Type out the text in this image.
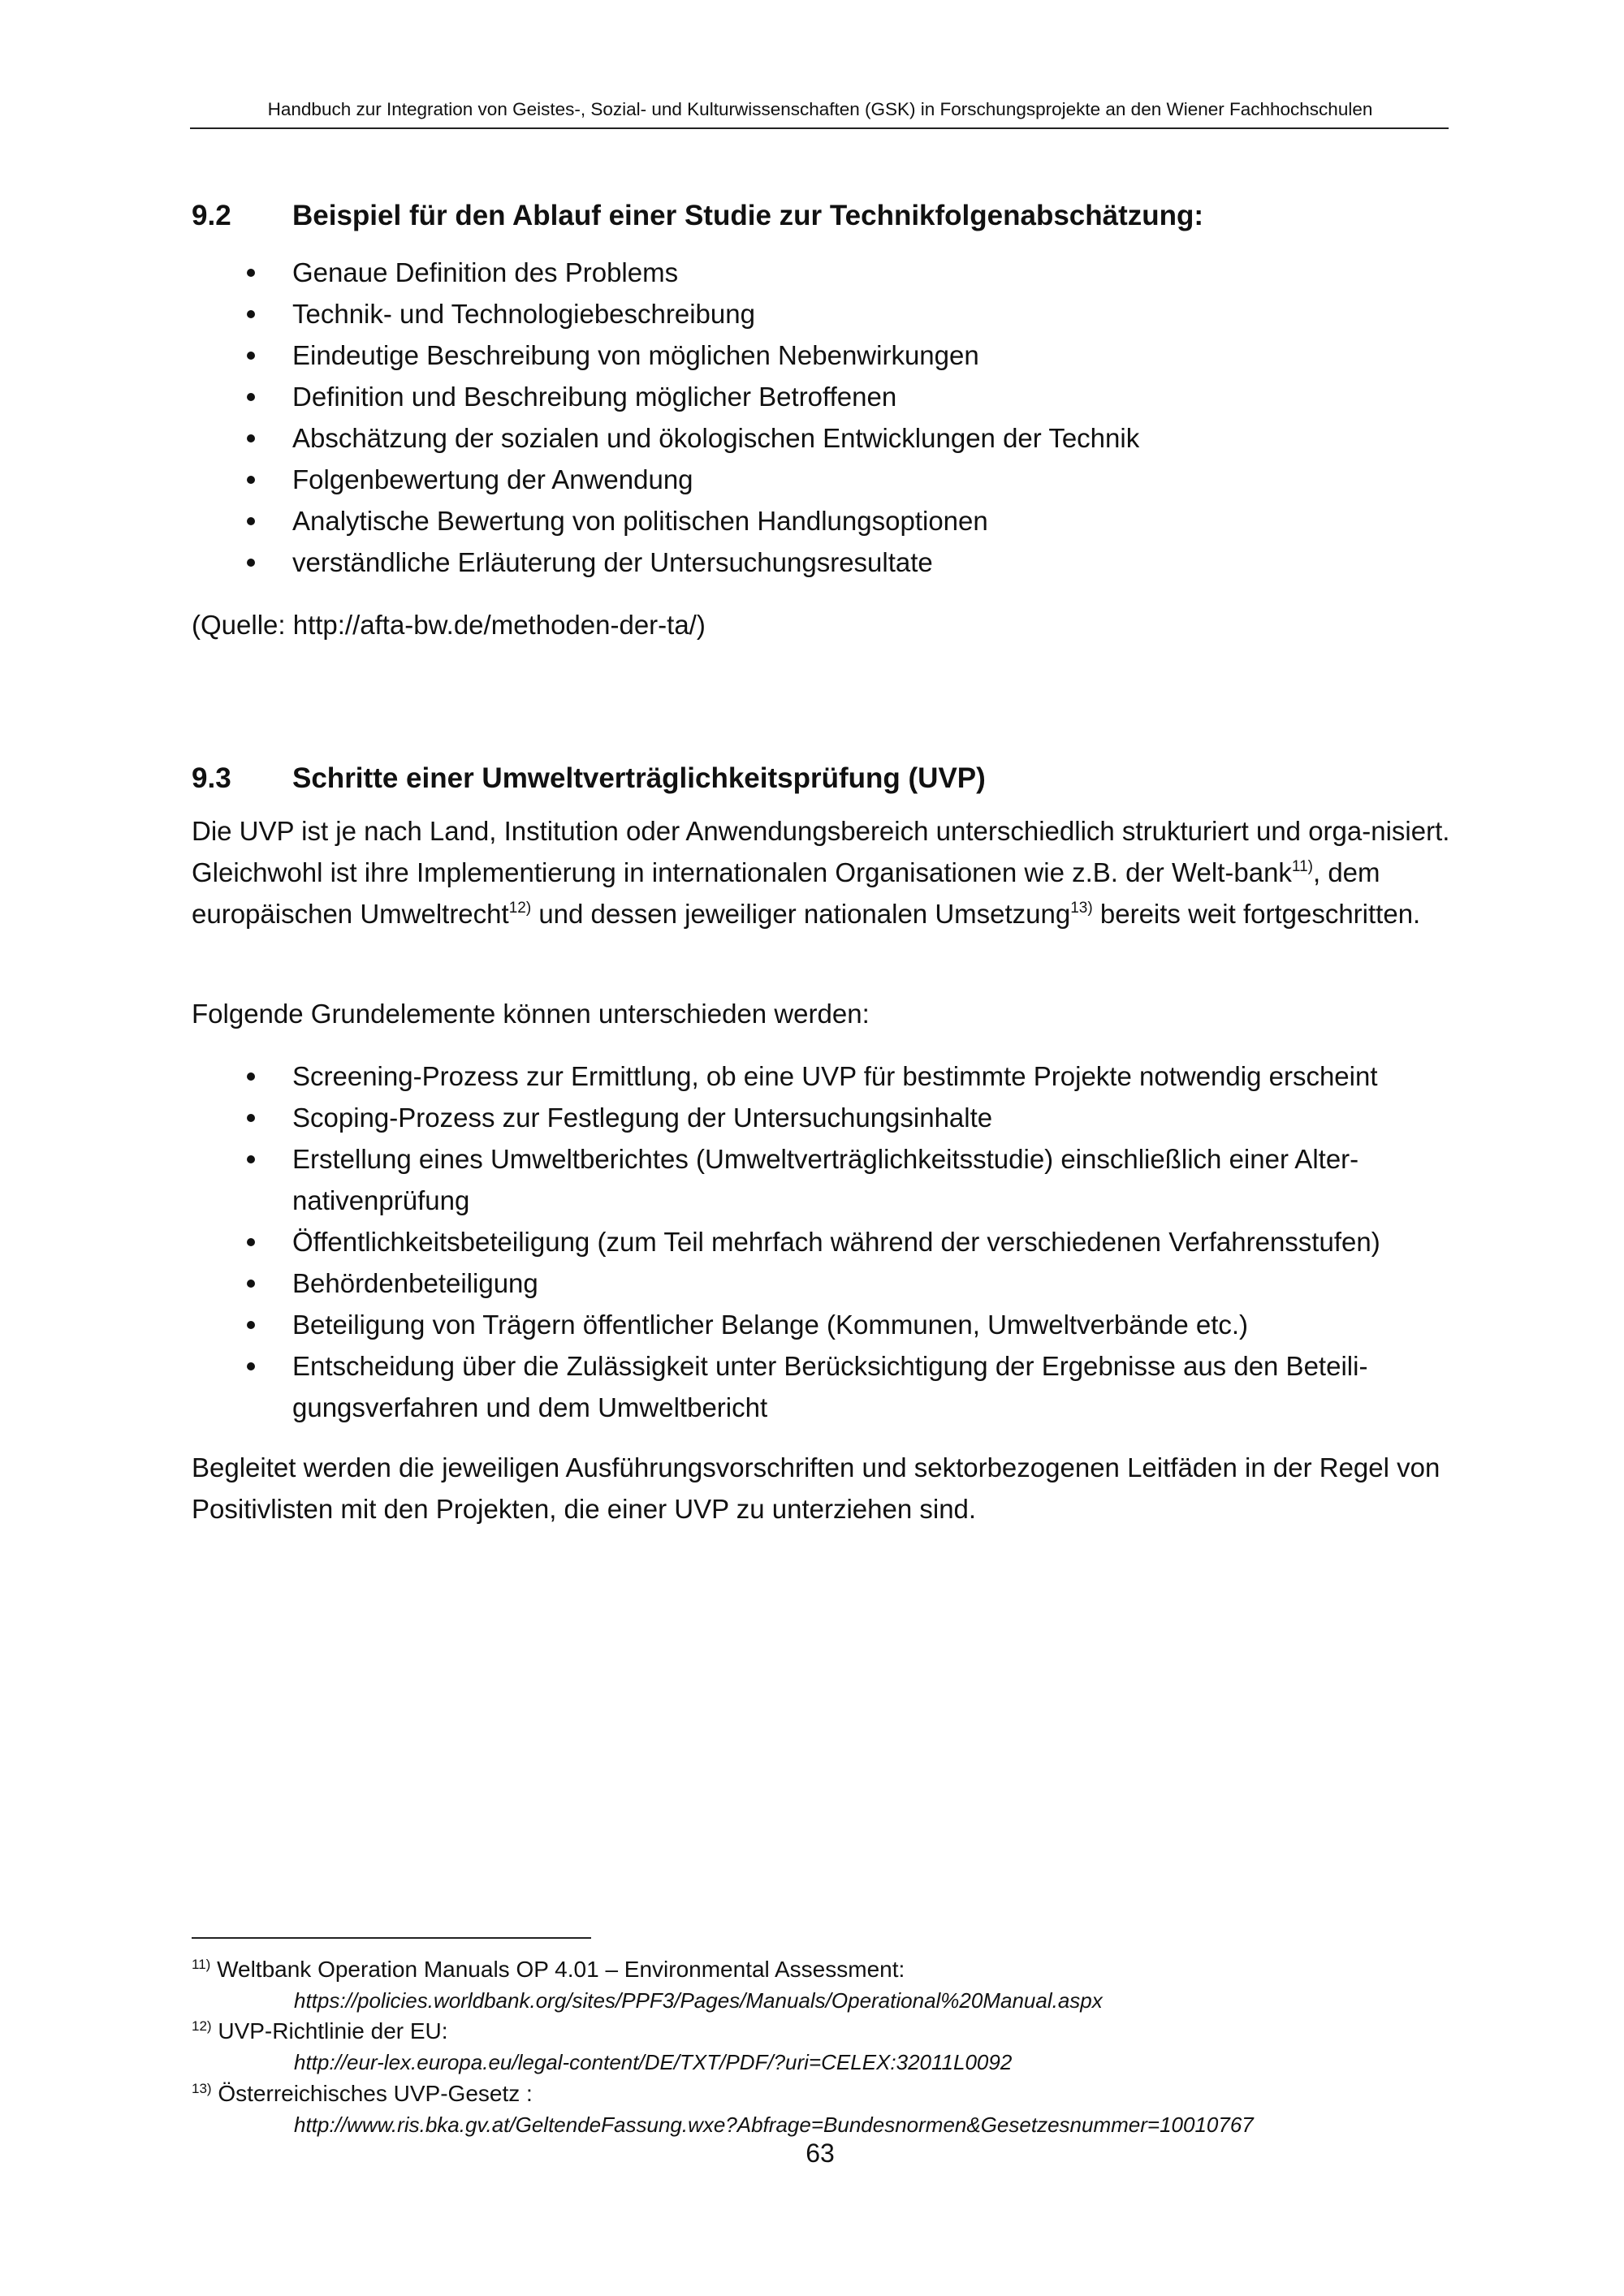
Handbuch zur Integration von Geistes-, Sozial- und Kulturwissenschaften (GSK) in Forschungsprojekte an den Wiener Fachhochschulen
9.2 Beispiel für den Ablauf einer Studie zur Technikfolgenabschätzung:
Genaue Definition des Problems
Technik- und Technologiebeschreibung
Eindeutige Beschreibung von möglichen Nebenwirkungen
Definition und Beschreibung möglicher Betroffenen
Abschätzung der sozialen und ökologischen Entwicklungen der Technik
Folgenbewertung der Anwendung
Analytische Bewertung von politischen Handlungsoptionen
verständliche Erläuterung der Untersuchungsresultate

(Quelle: http://afta-bw.de/methoden-der-ta/)

9.3 Schritte einer Umweltverträglichkeitsprüfung (UVP)

Die UVP ist je nach Land, Institution oder Anwendungsbereich unterschiedlich strukturiert und orga-nisiert. Gleichwohl ist ihre Implementierung in internationalen Organisationen wie z.B. der Welt-bank$^{11)}$, dem europäischen Umweltrecht$^{12)}$ und dessen jeweiliger nationalen Umsetzung$^{13)}$ bereits weit fortgeschritten.

Folgende Grundelemente können unterschieden werden:

Screening-Prozess zur Ermittlung, ob eine UVP für bestimmte Projekte notwendig erscheint
Scoping-Prozess zur Festlegung der Untersuchungsinhalte
Erstellung eines Umweltberichtes (Umweltverträglichkeitsstudie) einschließlich einer Alter-nativenprüfung
Öffentlichkeitsbeteiligung (zum Teil mehrfach während der verschiedenen Verfahrensstufen)
Behördenbeteiligung
Beteiligung von Trägern öffentlicher Belange (Kommunen, Umweltverbände etc.)
Entscheidung über die Zulässigkeit unter Berücksichtigung der Ergebnisse aus den Beteili-gungsverfahren und dem Umweltbericht

Begleitet werden die jeweiligen Ausführungsvorschriften und sektorbezogenen Leitfäden in der Regel von Positivlisten mit den Projekten, die einer UVP zu unterziehen sind.

$^{11)}$ Weltbank Operation Manuals OP 4.01 – Environmental Assessment:
https://policies.worldbank.org/sites/PPF3/Pages/Manuals/Operational%20Manual.aspx
$^{12)}$ UVP-Richtlinie der EU:
http://eur-lex.europa.eu/legal-content/DE/TXT/PDF/?uri=CELEX:32011L0092
$^{13)}$ Österreichisches UVP-Gesetz :
http://www.ris.bka.gv.at/GeltendeFassung.wxe?Abfrage=Bundesnormen&Gesetzesnummer=10010767
63
